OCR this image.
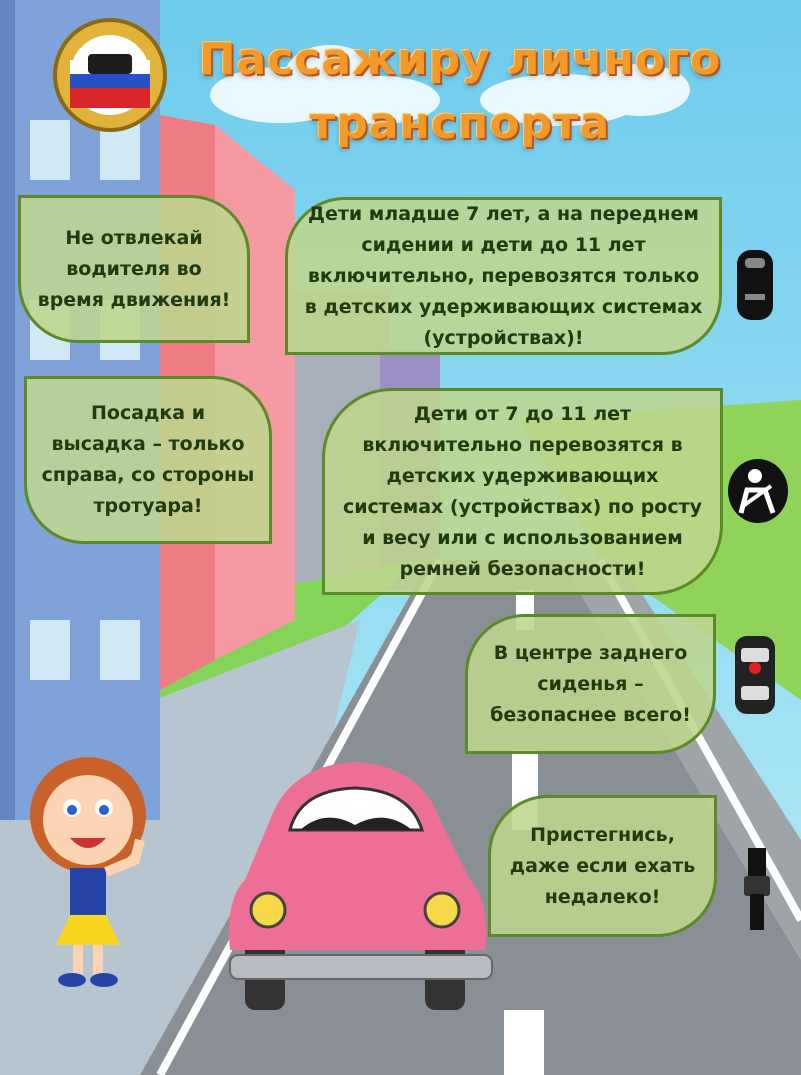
Пассажиру личного
транспорта
Не отвлекай водителя во время движения!
Дети младше 7 лет, а на переднем сидении и дети до 11 лет включительно, перевозятся только в детских удерживающих системах (устройствах)!
Посадка и высадка – только справа, со стороны тротуара!
Дети от 7 до 11 лет включительно перевозятся в детских удерживающих системах (устройствах) по росту и весу или с использованием ремней безопасности!
В центре заднего сиденья – безопаснее всего!
Пристегнись, даже если ехать недалеко!
